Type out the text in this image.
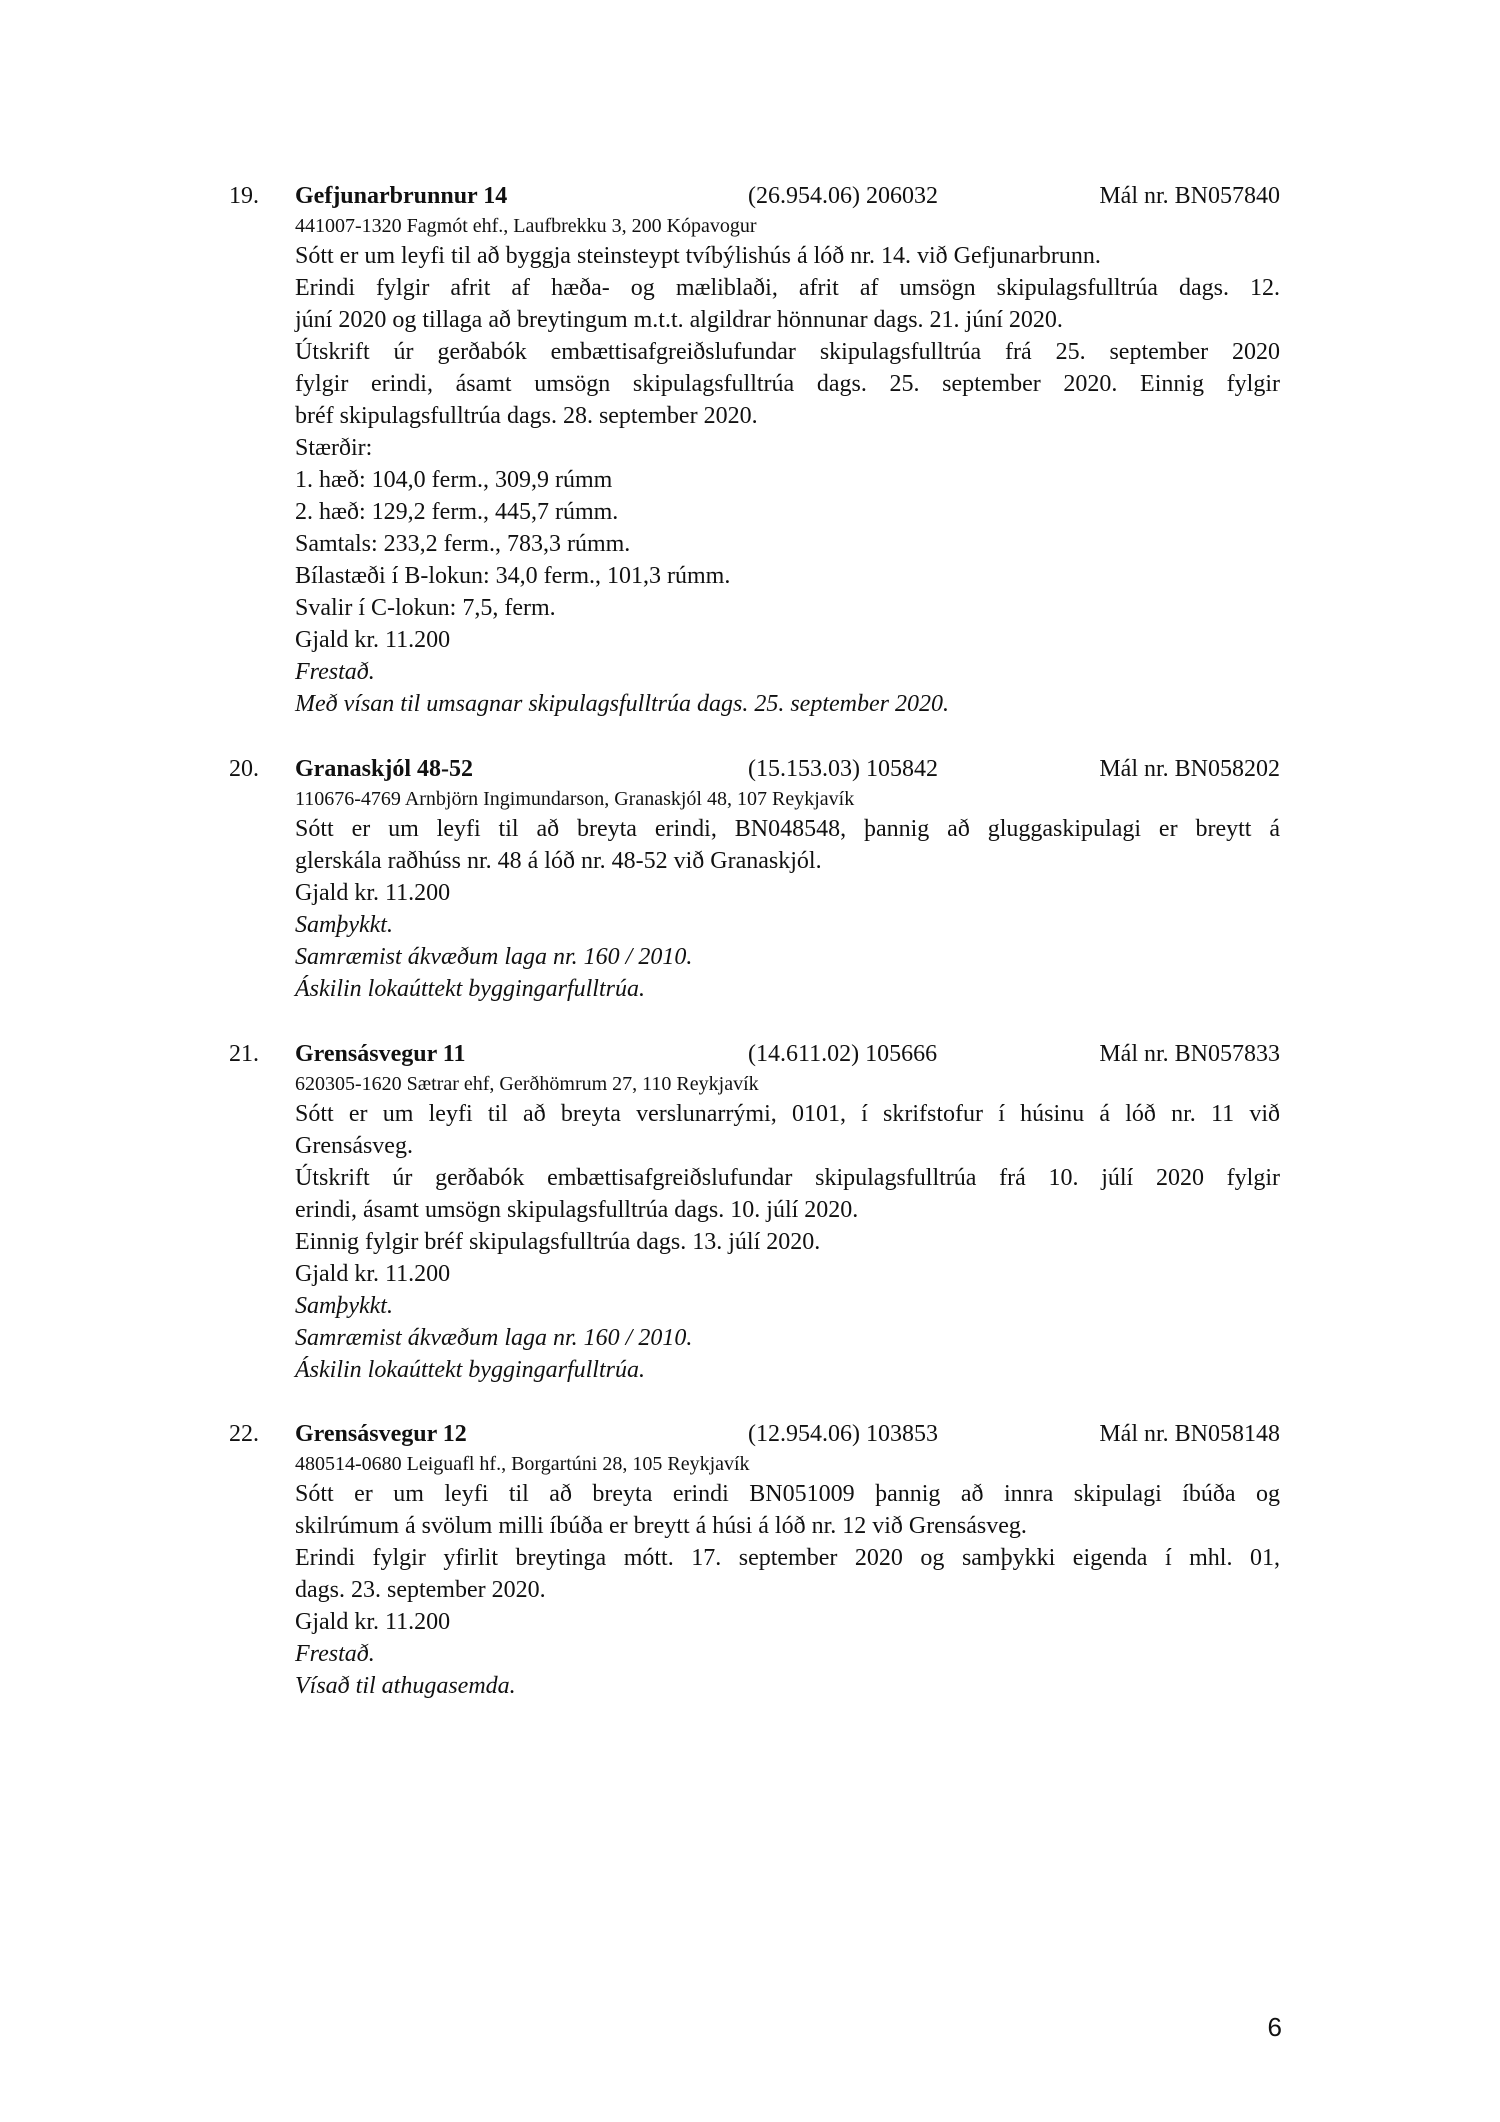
19. Gefjunarbrunnur 14	(26.954.06) 206032	Mál nr. BN057840
441007-1320 Fagmót ehf., Laufbrekku 3, 200 Kópavogur
Sótt er um leyfi til að byggja steinsteypt tvíbýlishús á lóð nr. 14. við Gefjunarbrunn.
Erindi fylgir afrit af hæða- og mæliblaði, afrit af umsögn skipulagsfulltrúa dags. 12.
júní 2020 og tillaga að breytingum m.t.t. algildrar hönnunar dags. 21. júní 2020.
Útskrift úr gerðabók embættisafgreiðslufundar skipulagsfulltrúa frá 25. september 2020
fylgir erindi, ásamt umsögn skipulagsfulltrúa dags. 25. september 2020. Einnig fylgir
bréf skipulagsfulltrúa dags. 28. september 2020.
Stærðir:
1. hæð: 104,0 ferm., 309,9 rúmm
2. hæð: 129,2 ferm., 445,7 rúmm.
Samtals: 233,2 ferm., 783,3 rúmm.
Bílastæði í B-lokun: 34,0 ferm., 101,3 rúmm.
Svalir í C-lokun: 7,5, ferm.
Gjald kr. 11.200
Frestað.
Með vísan til umsagnar skipulagsfulltrúa dags. 25. september 2020.
20. Granaskjól 48-52	(15.153.03) 105842	Mál nr. BN058202
110676-4769 Arnbjörn Ingimundarson, Granaskjól 48, 107 Reykjavík
Sótt er um leyfi til að breyta erindi, BN048548, þannig að gluggaskipulagi er breytt á
glerskála raðhúss nr. 48 á lóð nr. 48-52 við Granaskjól.
Gjald kr. 11.200
Samþykkt.
Samræmist ákvæðum laga nr. 160 / 2010.
Áskilin lokaúttekt byggingarfulltrúa.
21. Grensásvegur 11	(14.611.02) 105666	Mál nr. BN057833
620305-1620 Sætrar ehf, Gerðhömrum 27, 110 Reykjavík
Sótt er um leyfi til að breyta verslunarrými, 0101, í skrifstofur í húsinu á lóð nr. 11 við
Grensásveg.
Útskrift úr gerðabók embættisafgreiðslufundar skipulagsfulltrúa frá 10. júlí 2020 fylgir
erindi, ásamt umsögn skipulagsfulltrúa dags. 10. júlí 2020.
Einnig fylgir bréf skipulagsfulltrúa dags. 13. júlí 2020.
Gjald kr. 11.200
Samþykkt.
Samræmist ákvæðum laga nr. 160 / 2010.
Áskilin lokaúttekt byggingarfulltrúa.
22. Grensásvegur 12	(12.954.06) 103853	Mál nr. BN058148
480514-0680 Leiguafl hf., Borgartúni 28, 105 Reykjavík
Sótt er um leyfi til að breyta erindi BN051009 þannig að innra skipulagi íbúða og
skilrúmum á svölum milli íbúða er breytt á húsi á lóð nr. 12 við Grensásveg.
Erindi fylgir yfirlit breytinga mótt. 17. september 2020 og samþykki eigenda í mhl. 01,
dags. 23. september 2020.
Gjald kr. 11.200
Frestað.
Vísað til athugasemda.
6
